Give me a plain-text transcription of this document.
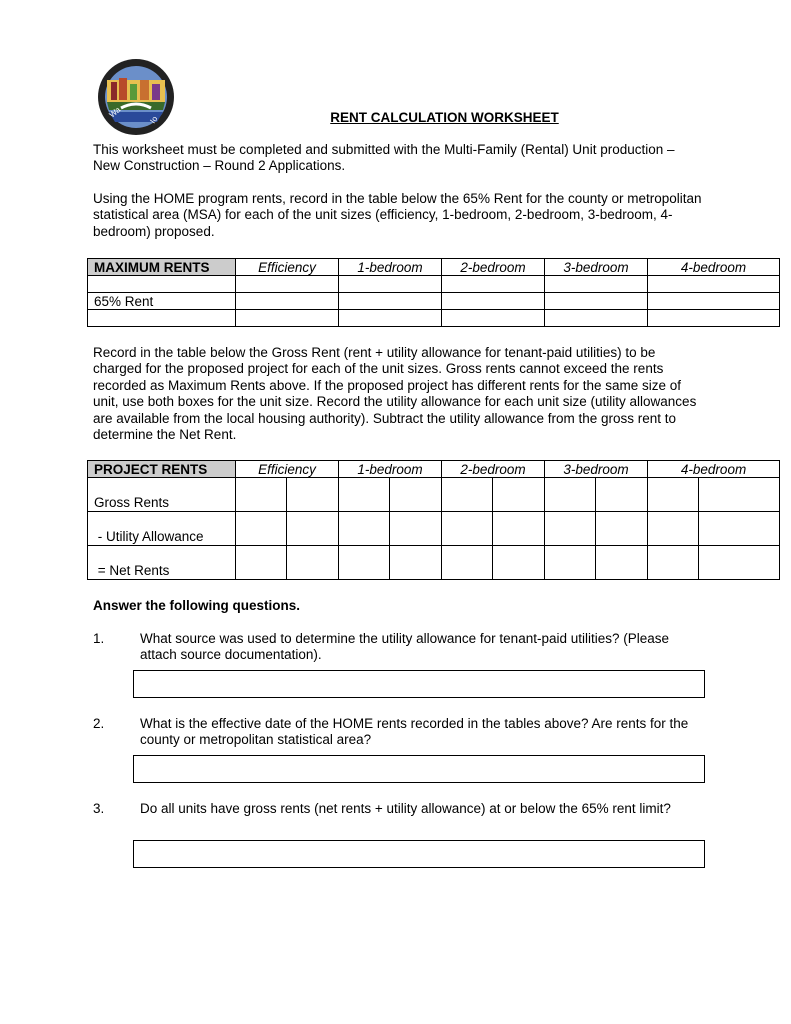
Wa
Io	RENT CALCULATION WORKSHEET

This worksheet must be completed and submitted with the Multi-Family (Rental) Unit production – New Construction – Round 2 Applications.

Using the HOME program rents, record in the table below the 65% Rent for the county or metropolitan statistical area (MSA) for each of the unit sizes (efficiency, 1-bedroom, 2-bedroom, 3-bedroom, 4-bedroom) proposed.

MAXIMUM RENTS	Efficiency	1-bedroom	2-bedroom	3-bedroom	4-bedroom

65% Rent					

Record in the table below the Gross Rent (rent + utility allowance for tenant-paid utilities) to be charged for the proposed project for each of the unit sizes. Gross rents cannot exceed the rents recorded as Maximum Rents above. If the proposed project has different rents for the same size of unit, use both boxes for the unit size. Record the utility allowance for each unit size (utility allowances are available from the local housing authority). Subtract the utility allowance from the gross rent to determine the Net Rent.

PROJECT RENTS	Efficiency		1-bedroom		2-bedroom		3-bedroom		4-bedroom	
Gross Rents										
- Utility Allowance										
= Net Rents										

Answer the following questions.

1.	What source was used to determine the utility allowance for tenant-paid utilities? (Please attach source documentation).

2.	What is the effective date of the HOME rents recorded in the tables above? Are rents for the county or metropolitan statistical area?

3.	Do all units have gross rents (net rents + utility allowance) at or below the 65% rent limit?
